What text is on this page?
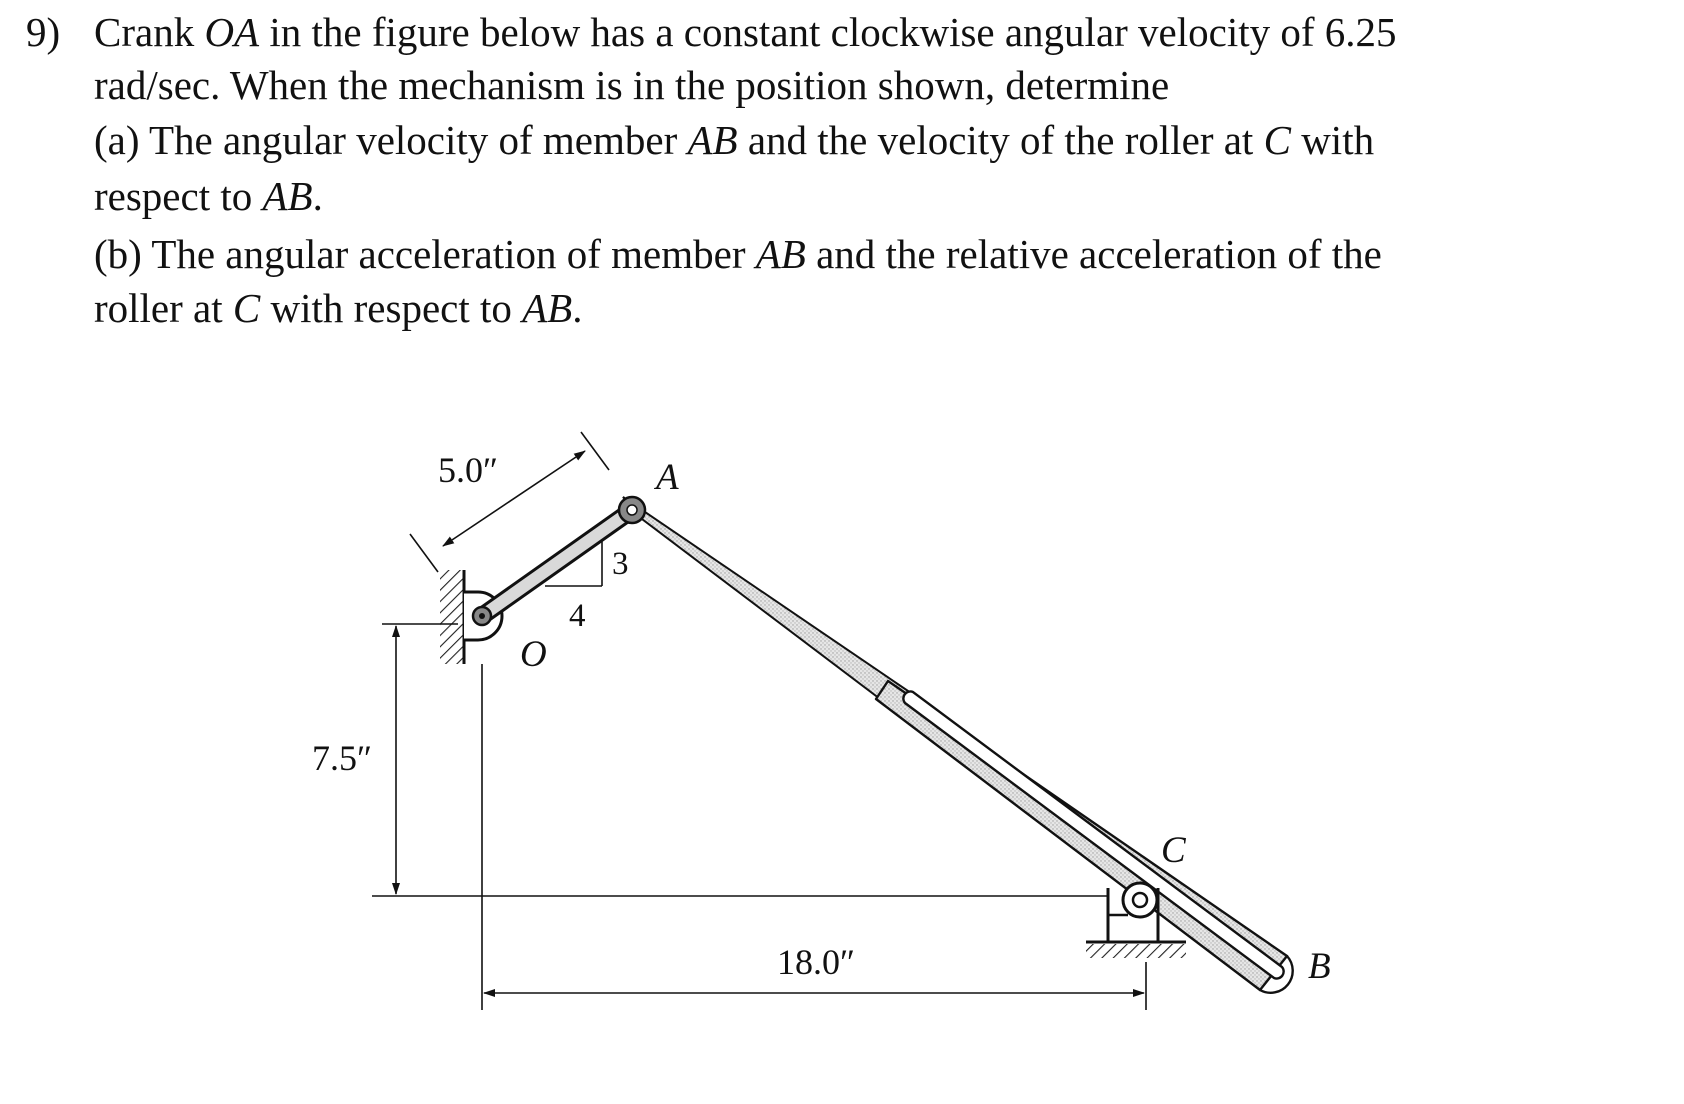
9) Crank OA in the figure below has a constant clockwise angular velocity of 6.25
rad/sec. When the mechanism is in the position shown, determine
(a) The angular velocity of member AB and the velocity of the roller at C with
respect to AB.
(b) The angular acceleration of member AB and the relative acceleration of the
roller at C with respect to AB.
5.0″
3
4
7.5″
18.0″
O
A
C
B
